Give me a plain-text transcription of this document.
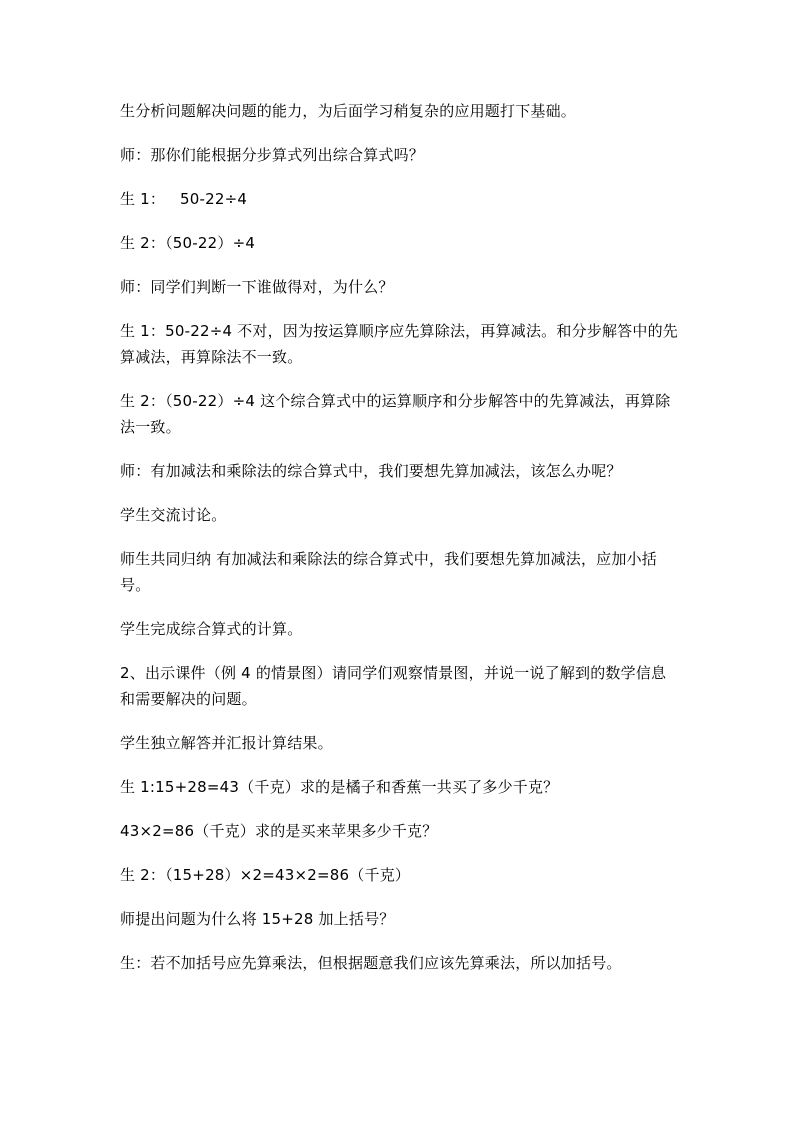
生分析问题解决问题的能力，为后面学习稍复杂的应用题打下基础。

师：那你们能根据分步算式列出综合算式吗？

生 1：   50-22÷4

生 2：（50-22）÷4

师：同学们判断一下谁做得对，为什么？

生 1：50-22÷4 不对，因为按运算顺序应先算除法，再算减法。和分步解答中的先算减法，再算除法不一致。

生 2：（50-22）÷4 这个综合算式中的运算顺序和分步解答中的先算减法，再算除法一致。

师：有加减法和乘除法的综合算式中，我们要想先算加减法，该怎么办呢？

学生交流讨论。

师生共同归纳 有加减法和乘除法的综合算式中，我们要想先算加减法，应加小括号。

学生完成综合算式的计算。

2、出示课件（例 4 的情景图）请同学们观察情景图，并说一说了解到的数学信息和需要解决的问题。

学生独立解答并汇报计算结果。

生 1:15+28=43（千克）求的是橘子和香蕉一共买了多少千克？

43×2=86（千克）求的是买来苹果多少千克？

生 2：（15+28）×2=43×2=86（千克）

师提出问题为什么将 15+28 加上括号？

生：若不加括号应先算乘法，但根据题意我们应该先算乘法，所以加括号。
